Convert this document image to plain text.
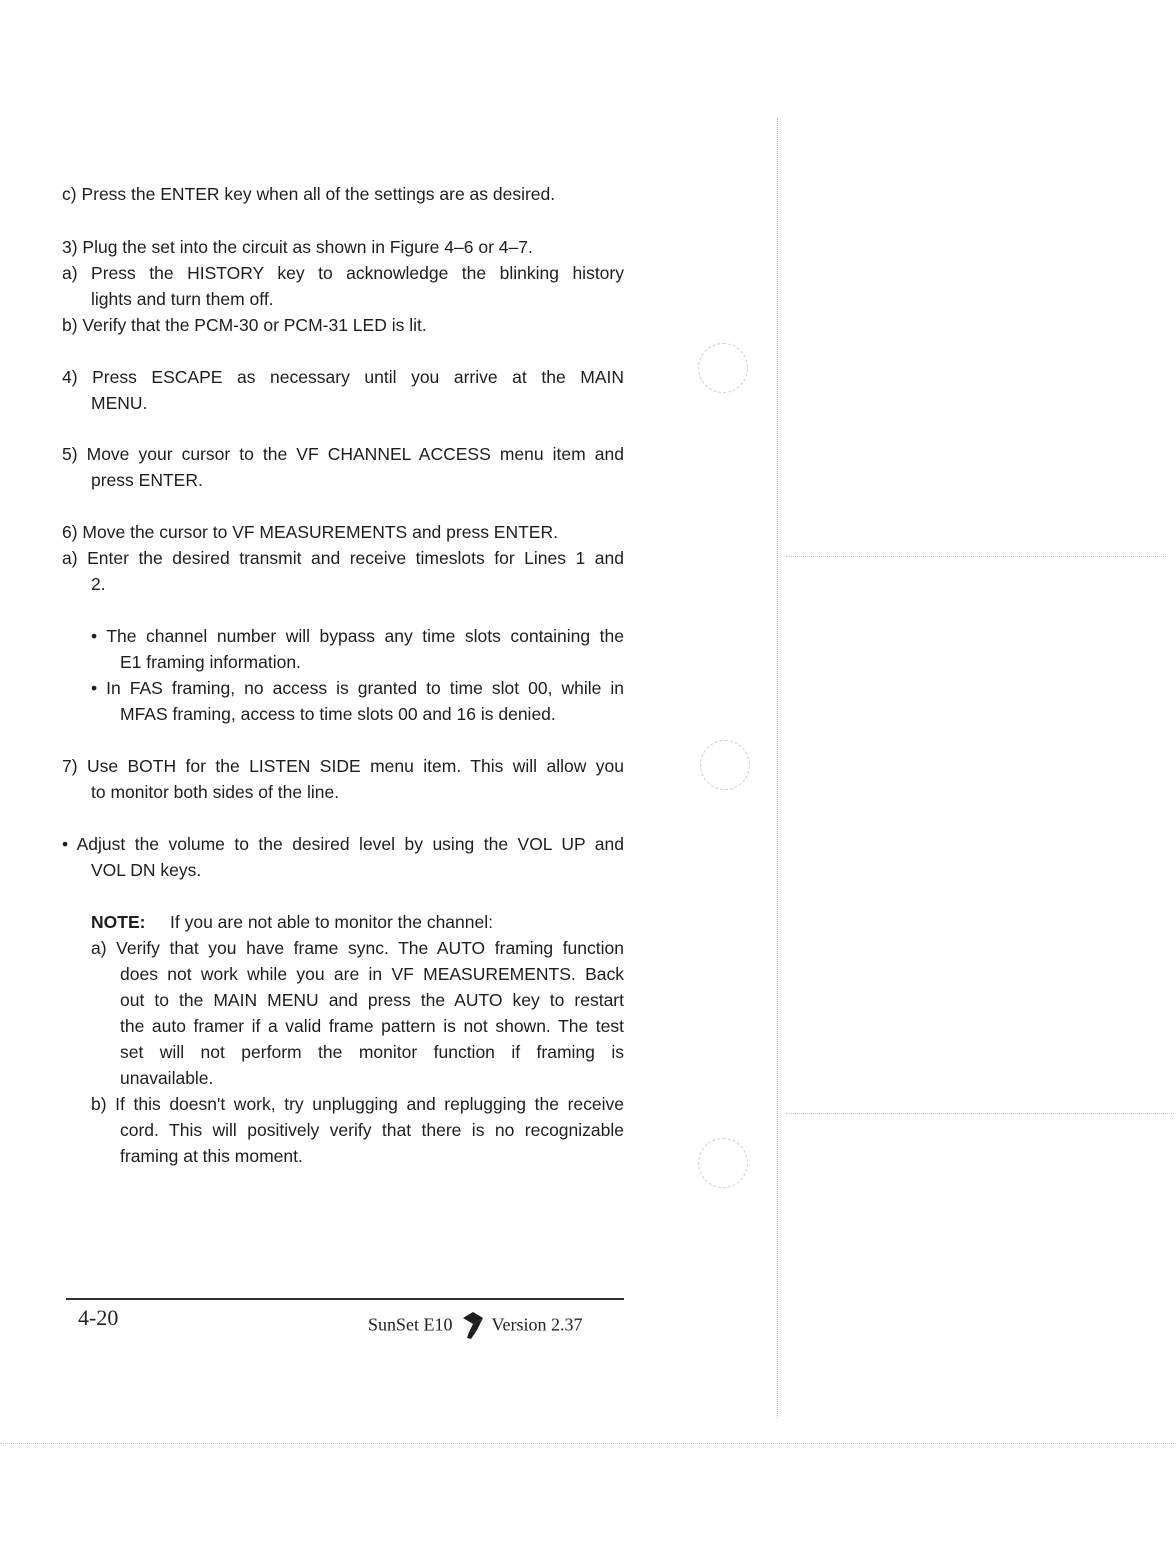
c) Press the ENTER key when all of the settings are as desired.
3) Plug the set into the circuit as shown in Figure 4–6 or 4–7.
a) Press the HISTORY key to acknowledge the blinking history
lights and turn them off.
b) Verify that the PCM-30 or PCM-31 LED is lit.
4) Press ESCAPE as necessary until you arrive at the MAIN
MENU.
5) Move your cursor to the VF CHANNEL ACCESS menu item and
press ENTER.
6) Move the cursor to VF MEASUREMENTS and press ENTER.
a) Enter the desired transmit and receive timeslots for Lines 1 and
2.
• The channel number will bypass any time slots containing the
E1 framing information.
• In FAS framing, no access is granted to time slot 00, while in
MFAS framing, access to time slots 00 and 16 is denied.
7) Use BOTH for the LISTEN SIDE menu item. This will allow you
to monitor both sides of the line.
• Adjust the volume to the desired level by using the VOL UP and
VOL DN keys.
NOTE:	If you are not able to monitor the channel:
a) Verify that you have frame sync. The AUTO framing function
does not work while you are in VF MEASUREMENTS. Back
out to the MAIN MENU and press the AUTO key to restart
the auto framer if a valid frame pattern is not shown. The test
set will not perform the monitor function if framing is
unavailable.
b) If this doesn't work, try unplugging and replugging the receive
cord. This will positively verify that there is no recognizable
framing at this moment.
4-20	SunSet E10 Version 2.37
